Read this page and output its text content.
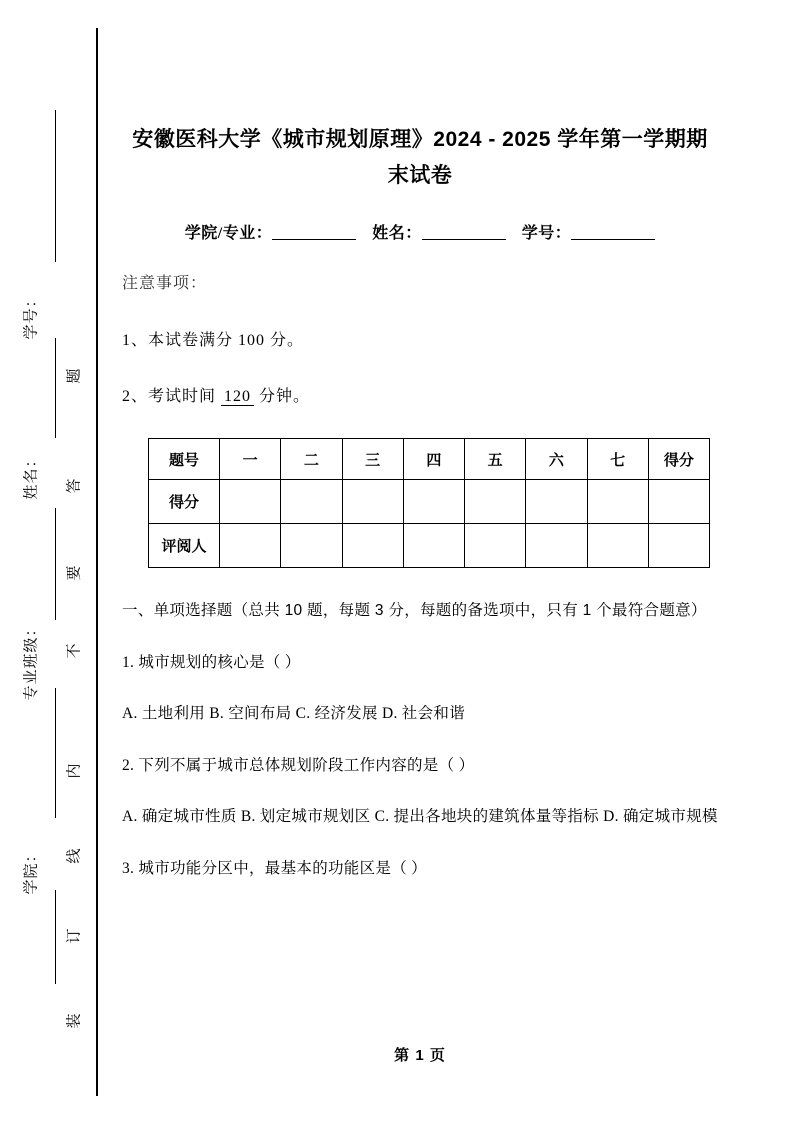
学号：
姓名：
专业班级：
学院：
题
答
要
不
内
线
订
装
安徽医科大学《城市规划原理》2024 - 2025 学年第一学期期末试卷
学院/专业：	姓名：	学号：

注意事项：

1、本试卷满分 100 分。

2、考试时间 120 分钟。

题号	一	二	三	四	五	六	七	得分
得分								
评阅人								

一、单项选择题（总共 10 题，每题 3 分，每题的备选项中，只有 1 个最符合题意）

1. 城市规划的核心是（ ）

A. 土地利用 B. 空间布局 C. 经济发展 D. 社会和谐

2. 下列不属于城市总体规划阶段工作内容的是（ ）

A. 确定城市性质 B. 划定城市规划区 C. 提出各地块的建筑体量等指标 D. 确定城市规模

3. 城市功能分区中，最基本的功能区是（ ）

第 1 页
